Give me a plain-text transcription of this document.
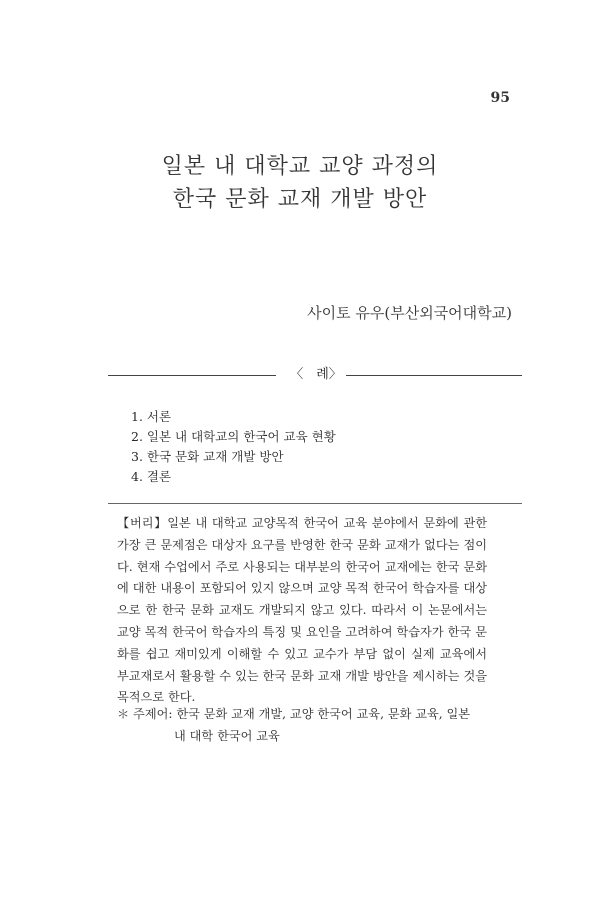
95
일본 내 대학교 교양 과정의
한국 문화 교재 개발 방안
사이토 유우(부산외국어대학교)
〈　례〉
1. 서론
2. 일본 내 대학교의 한국어 교육 현황
3. 한국 문화 교재 개발 방안
4. 결론
【버리】일본 내 대학교 교양목적 한국어 교육 분야에서 문화에 관한 가장 큰 문제점은 대상자 요구를 반영한 한국 문화 교재가 없다는 점이다. 현재 수업에서 주로 사용되는 대부분의 한국어 교재에는 한국 문화에 대한 내용이 포함되어 있지 않으며 교양 목적 한국어 학습자를 대상으로 한 한국 문화 교재도 개발되지 않고 있다. 따라서 이 논문에서는 교양 목적 한국어 학습자의 특징 및 요인을 고려하여 학습자가 한국 문화를 쉽고 재미있게 이해할 수 있고 교수가 부담 없이 실제 교육에서 부교재로서 활용할 수 있는 한국 문화 교재 개발 방안을 제시하는 것을 목적으로 한다.
＊ 주제어: 한국 문화 교재 개발, 교양 한국어 교육, 문화 교육, 일본
내 대학 한국어 교육
